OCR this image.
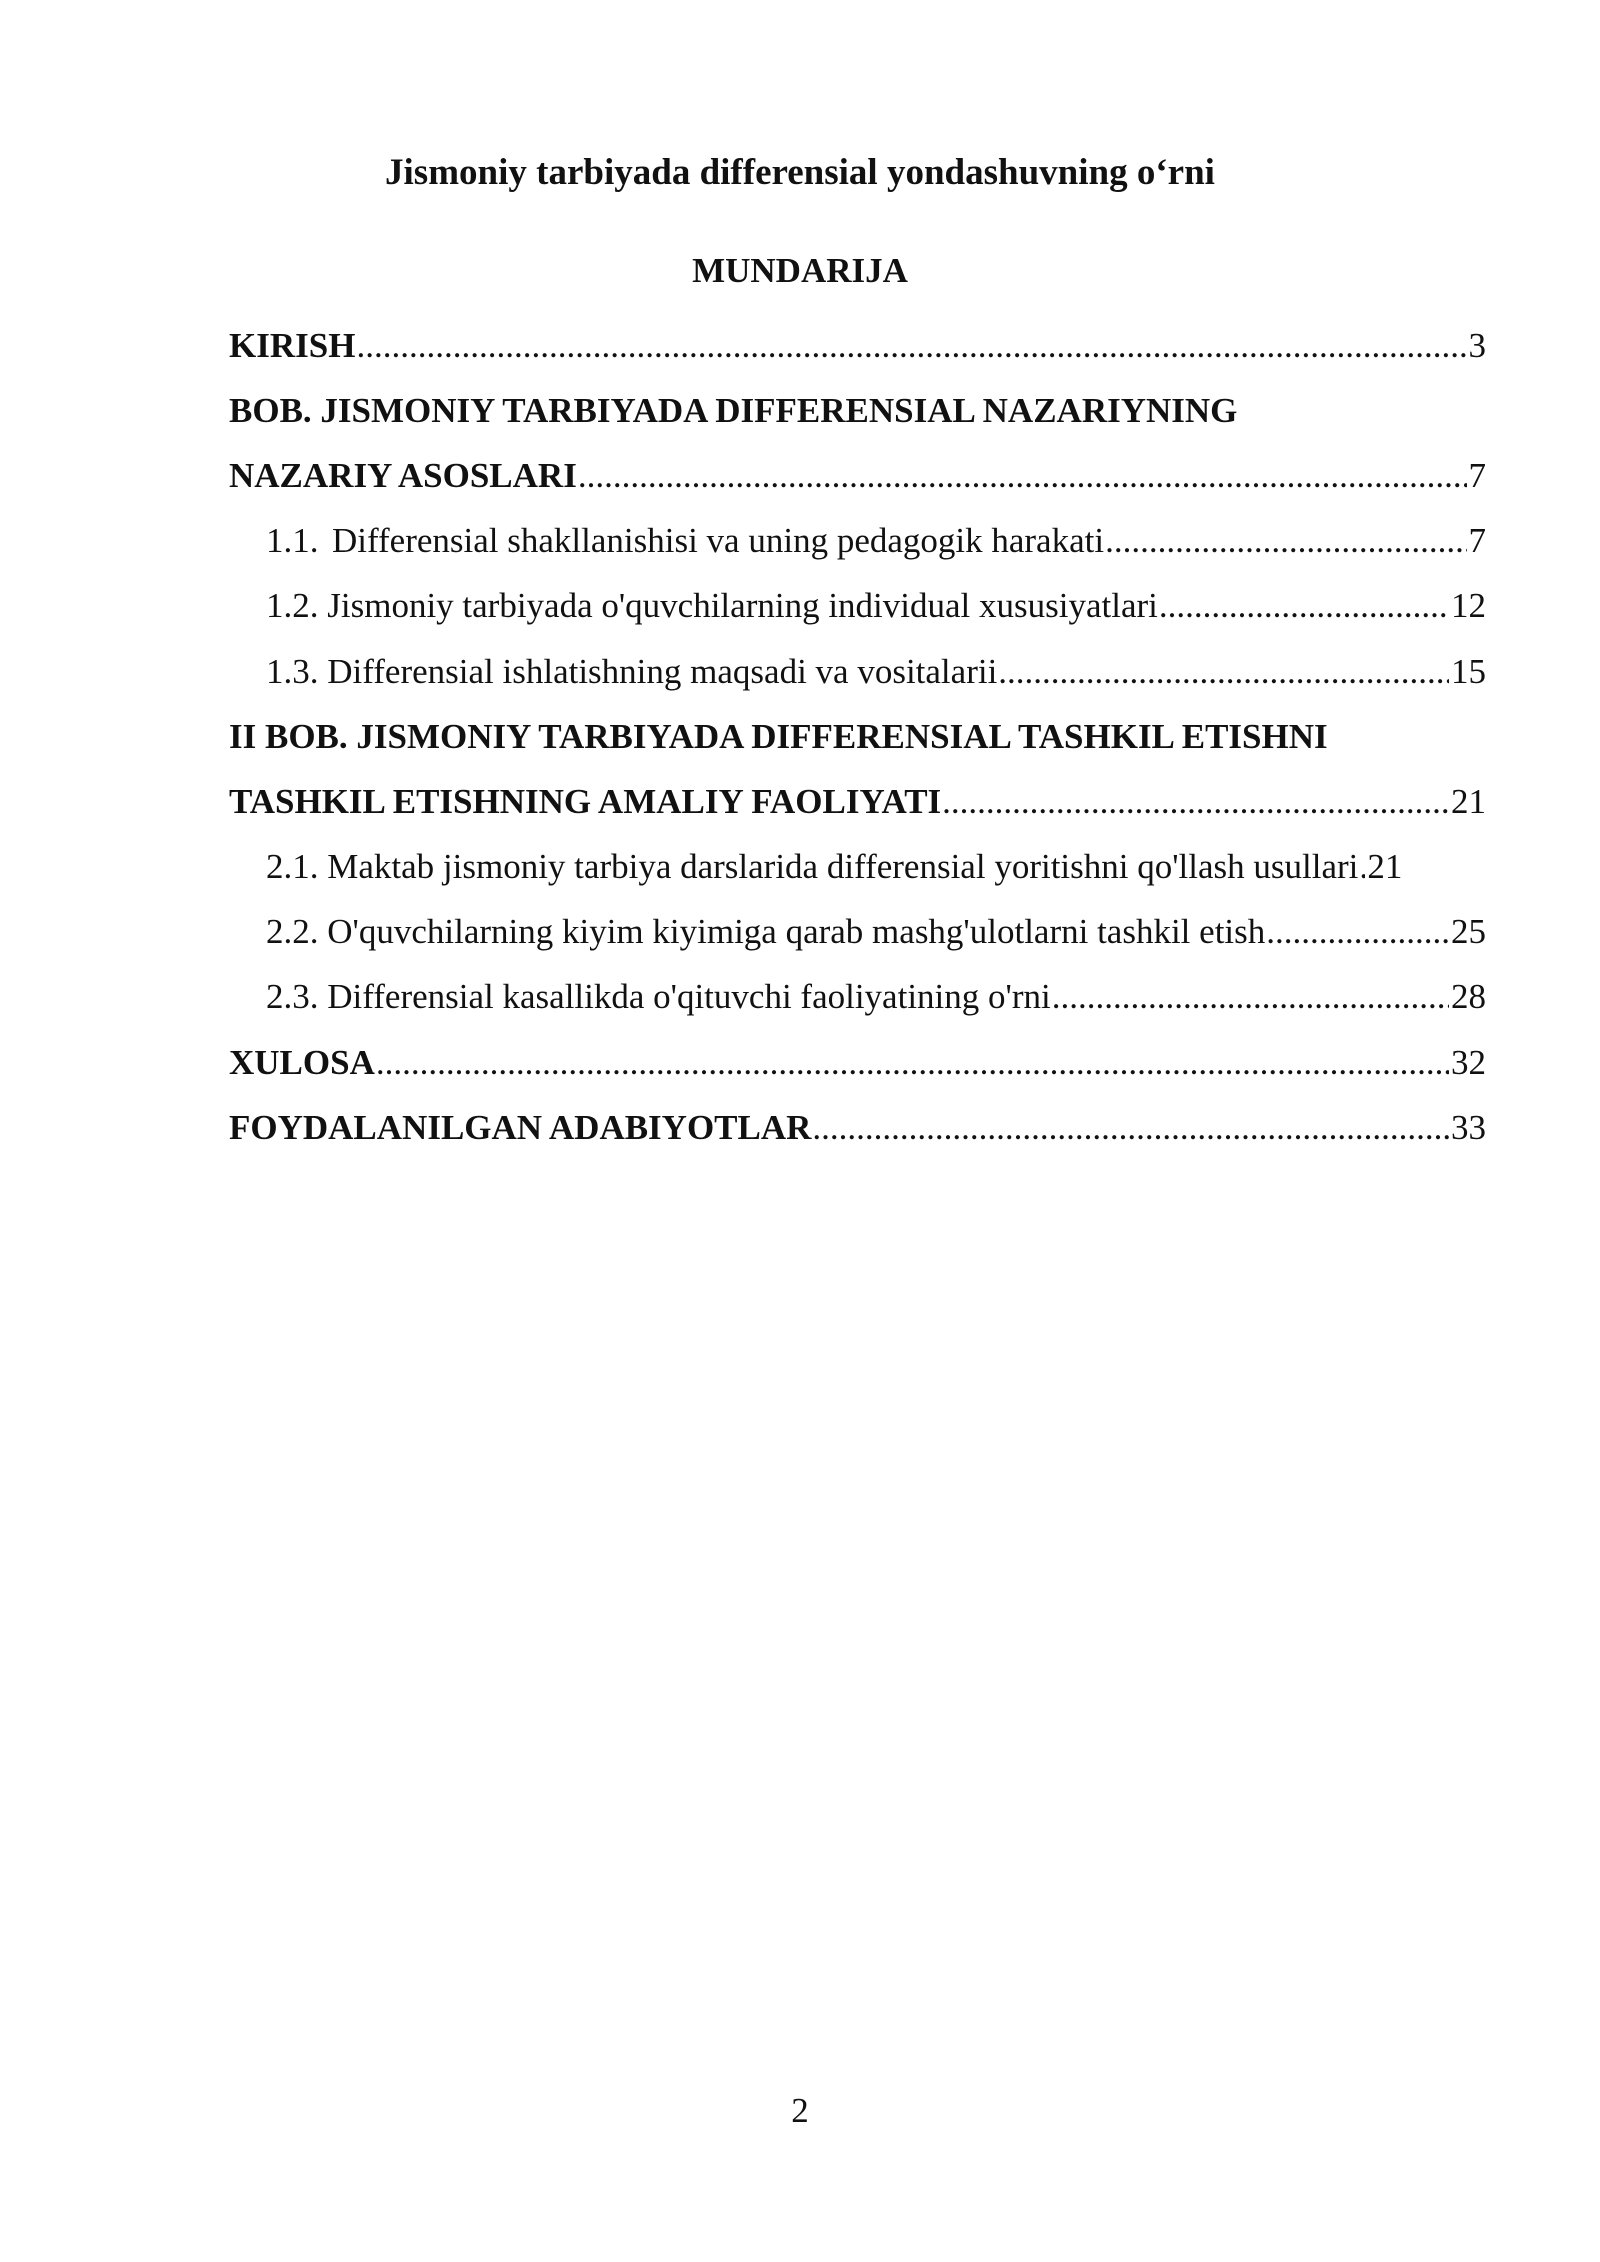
Jismoniy tarbiyada differensial yondashuvning o‘rni
MUNDARIJA
KIRISH .....	3
BOB. JISMONIY TARBIYADA DIFFERENSIAL NAZARIYNING
NAZARIY ASOSLARI .....	7
1.1. Differensial shakllanishisi va uning pedagogik harakati .....	7
1.2. Jismoniy tarbiyada o'quvchilarning individual xususiyatlari .....	12
1.3. Differensial ishlatishning maqsadi va vositalarii .....	15
II BOB. JISMONIY TARBIYADA DIFFERENSIAL TASHKIL ETISHNI
TASHKIL ETISHNING AMALIY FAOLIYATI .....	21
2.1. Maktab jismoniy tarbiya darslarida differensial yoritishni qo'llash usullari ..... 21
2.2. O'quvchilarning kiyim kiyimiga qarab mashg'ulotlarni tashkil etish .....	25
2.3. Differensial kasallikda o'qituvchi faoliyatining o'rni .....	28
XULOSA .....	32
FOYDALANILGAN ADABIYOTLAR .....	33
2
